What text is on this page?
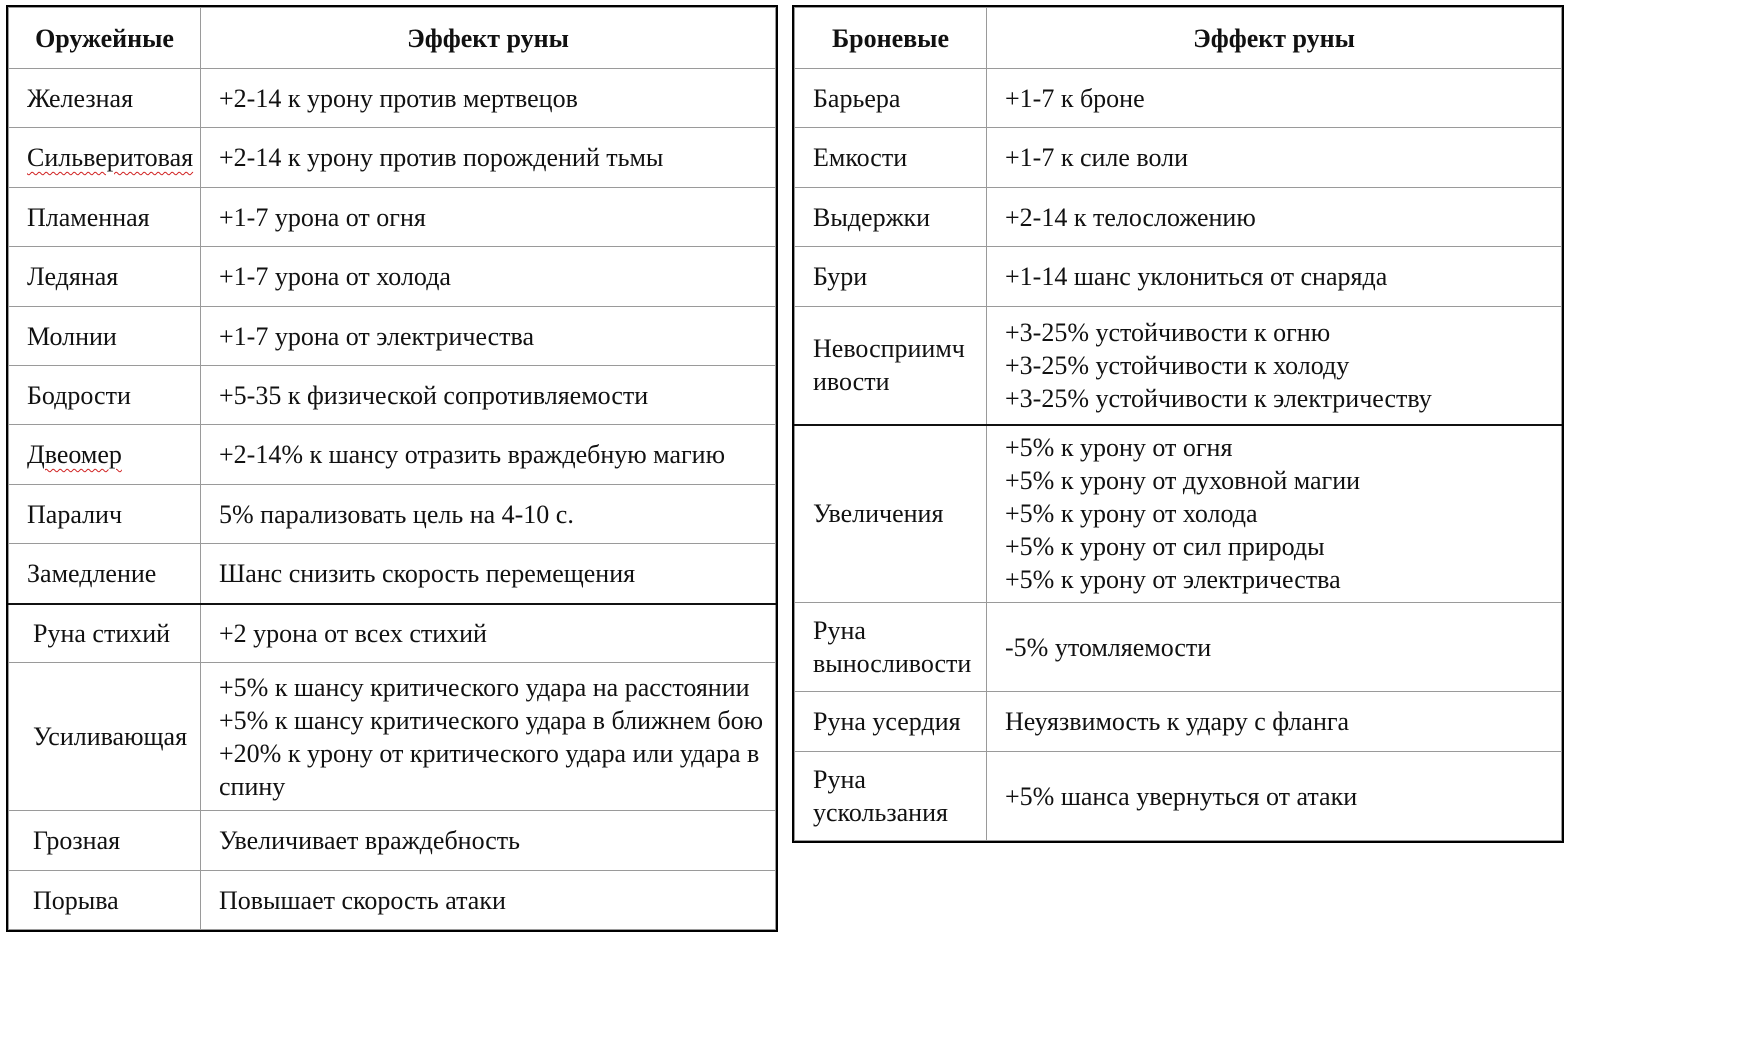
Оружейные	Эффект руны
Железная	+2-14 к урону против мертвецов
Сильверитовая	+2-14 к урону против порождений тьмы
Пламенная	+1-7 урона от огня
Ледяная	+1-7 урона от холода
Молнии	+1-7 урона от электричества
Бодрости	+5-35 к физической сопротивляемости
Двеомер	+2-14% к шансу отразить враждебную магию
Паралич	5% парализовать цель на 4-10 с.
Замедление	Шанс снизить скорость перемещения
Руна стихий	+2 урона от всех стихий
Усиливающая	+5% к шансу критического удара на расстоянии
+5% к шансу критического удара в ближнем бою
+20% к урону от критического удара или удара в спину

Грозная	Увеличивает враждебность
Порыва	Повышает скорость атаки
Броневые	Эффект руны
Барьера	+1-7 к броне
Емкости	+1-7 к силе воли
Выдержки	+2-14 к телосложению
Бури	+1-14 шанс уклониться от снаряда
Невосприимчивости	+3-25% устойчивости к огню
+3-25% устойчивости к холоду
+3-25% устойчивости к электричеству

Увеличения	+5% к урону от огня
+5% к урону от духовной магии
+5% к урону от холода
+5% к урону от сил природы
+5% к урону от электричества

Руна выносливости	-5% утомляемости
Руна усердия	Неуязвимость к удару с фланга
Руна ускользания	+5% шанса увернуться от атаки
